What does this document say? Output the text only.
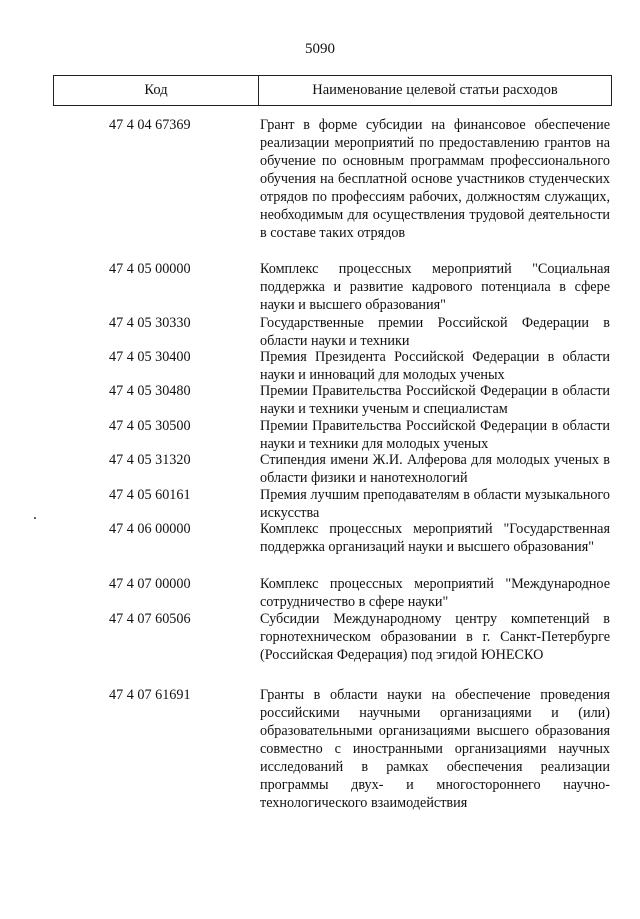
5090
Код	Наименование целевой статьи расходов
47 4 04 67369	Грант в форме субсидии на финансовое обеспечение реализации мероприятий по предоставлению грантов на обучение по основным программам профессионального обучения на бесплатной основе участников студенческих отрядов по профессиям рабочих, должностям служащих, необходимым для осуществления трудовой деятельности в составе таких отрядов
47 4 05 00000	Комплекс процессных мероприятий "Социальная поддержка и развитие кадрового потенциала в сфере науки и высшего образования"
47 4 05 30330	Государственные премии Российской Федерации в области науки и техники
47 4 05 30400	Премия Президента Российской Федерации в области науки и инноваций для молодых ученых
47 4 05 30480	Премии Правительства Российской Федерации в области науки и техники ученым и специалистам
47 4 05 30500	Премии Правительства Российской Федерации в области науки и техники для молодых ученых
47 4 05 31320	Стипендия имени Ж.И. Алферова для молодых ученых в области физики и нанотехнологий
47 4 05 60161	Премия лучшим преподавателям в области музыкального искусства
47 4 06 00000	Комплекс процессных мероприятий "Государственная поддержка организаций науки и высшего образования"
47 4 07 00000	Комплекс процессных мероприятий "Международное сотрудничество в сфере науки"
47 4 07 60506	Субсидии Международному центру компетенций в горнотехническом образовании в г. Санкт-Петербурге (Российская Федерация) под эгидой ЮНЕСКО
47 4 07 61691	Гранты в области науки на обеспечение проведения российскими научными организациями и (или) образовательными организациями высшего образования совместно с иностранными организациями научных исследований в рамках обеспечения реализации программы двух- и многостороннего научно-технологического взаимодействия
